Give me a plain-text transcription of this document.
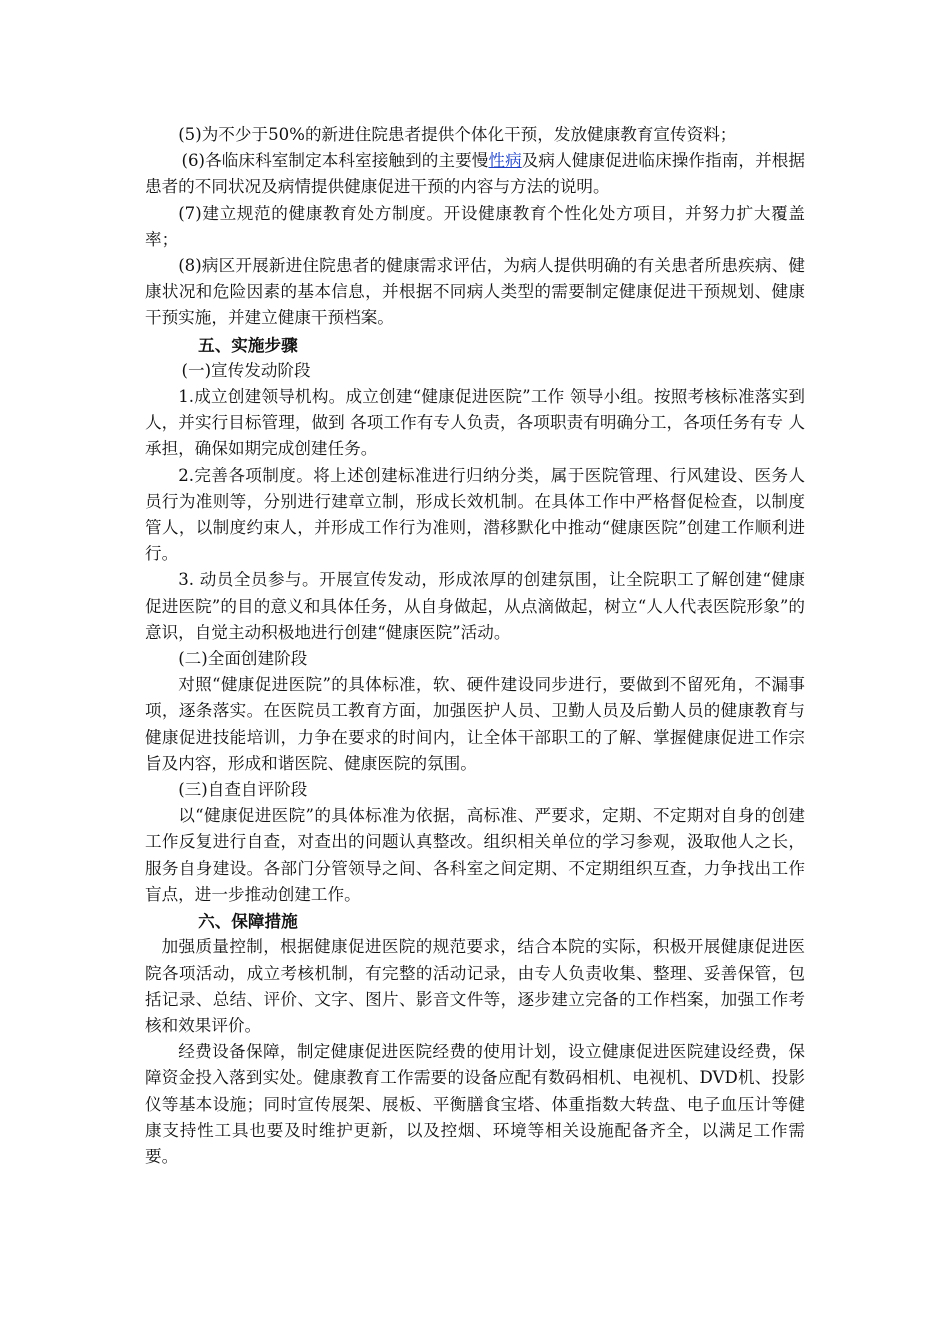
(5)为不少于50%的新进住院患者提供个体化干预，发放健康教育宣传资料；

(6)各临床科室制定本科室接触到的主要慢性病及病人健康促进临床操作指南，并根据患者的不同状况及病情提供健康促进干预的内容与方法的说明。

(7)建立规范的健康教育处方制度。开设健康教育个性化处方项目，并努力扩大覆盖率；

(8)病区开展新进住院患者的健康需求评估，为病人提供明确的有关患者所患疾病、健康状况和危险因素的基本信息，并根据不同病人类型的需要制定健康促进干预规划、健康干预实施，并建立健康干预档案。

五、实施步骤

(一)宣传发动阶段

1.成立创建领导机构。成立创建“健康促进医院”工作 领导小组。按照考核标准落实到人，并实行目标管理，做到 各项工作有专人负责，各项职责有明确分工，各项任务有专 人承担，确保如期完成创建任务。

2.完善各项制度。将上述创建标准进行归纳分类，属于医院管理、行风建设、医务人员行为准则等，分别进行建章立制，形成长效机制。在具体工作中严格督促检查，以制度管人，以制度约束人，并形成工作行为准则，潜移默化中推动“健康医院”创建工作顺利进行。

3. 动员全员参与。开展宣传发动，形成浓厚的创建氛围，让全院职工了解创建“健康促进医院”的目的意义和具体任务，从自身做起，从点滴做起，树立“人人代表医院形象”的意识，自觉主动积极地进行创建“健康医院”活动。

(二)全面创建阶段

对照“健康促进医院”的具体标准，软、硬件建设同步进行，要做到不留死角，不漏事项，逐条落实。在医院员工教育方面，加强医护人员、卫勤人员及后勤人员的健康教育与健康促进技能培训，力争在要求的时间内，让全体干部职工的了解、掌握健康促进工作宗旨及内容，形成和谐医院、健康医院的氛围。

(三)自查自评阶段

以“健康促进医院”的具体标准为依据，高标准、严要求，定期、不定期对自身的创建工作反复进行自查，对查出的问题认真整改。组织相关单位的学习参观，汲取他人之长，服务自身建设。各部门分管领导之间、各科室之间定期、不定期组织互查，力争找出工作盲点，进一步推动创建工作。

六、保障措施

加强质量控制，根据健康促进医院的规范要求，结合本院的实际，积极开展健康促进医院各项活动，成立考核机制，有完整的活动记录，由专人负责收集、整理、妥善保管，包括记录、总结、评价、文字、图片、影音文件等，逐步建立完备的工作档案，加强工作考核和效果评价。

经费设备保障，制定健康促进医院经费的使用计划，设立健康促进医院建设经费，保障资金投入落到实处。健康教育工作需要的设备应配有数码相机、电视机、DVD机、投影仪等基本设施；同时宣传展架、展板、平衡膳食宝塔、体重指数大转盘、电子血压计等健康支持性工具也要及时维护更新，以及控烟、环境等相关设施配备齐全，以满足工作需要。
